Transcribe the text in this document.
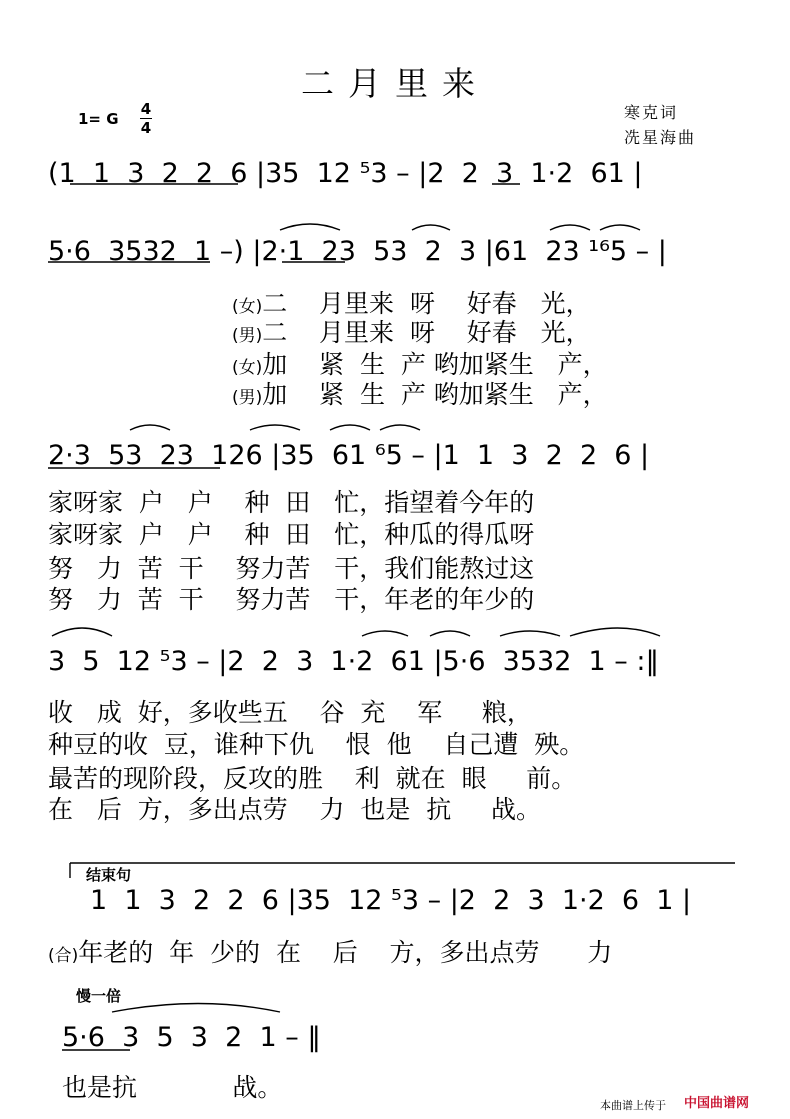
二月里来
1= G
4
4
寒克词
冼星海曲
(1  1  3  2  2  6 |35  12 ⁵3 – |2  2  3  1·2  61 |
5·6  3532  1 –) |2·1  23  53  2  3 |61  23 ¹⁶5 – |
(女)二    月里来  呀    好春   光，
(男)二    月里来  呀    好春   光，
(女)加    紧  生  产 哟加紧生   产，
(男)加    紧  生  产 哟加紧生   产，
2·3  53  23  126 |35  61 ⁶5 – |1  1  3  2  2  6 |
家呀家  户   户    种  田   忙，指望着今年的
家呀家  户   户    种  田   忙，种瓜的得瓜呀
努   力  苦  干    努力苦   干，我们能熬过这
努   力  苦  干    努力苦   干，年老的年少的
3  5  12 ⁵3 – |2  2  3  1·2  61 |5·6  3532  1 – :‖
收   成  好，多收些五    谷  充    军     粮，
种豆的收  豆，谁种下仇    恨  他    自己遭  殃。
最苦的现阶段，反攻的胜    利  就在  眼     前。
在   后  方，多出点劳    力  也是  抗     战。
结束句
1  1  3  2  2  6 |35  12 ⁵3 – |2  2  3  1·2  6  1 |
(合)年老的  年  少的  在    后    方，多出点劳      力
慢一倍
5·6  3  5  3  2  1 – ‖
也是抗            战。
本曲谱上传于 中国曲谱网
